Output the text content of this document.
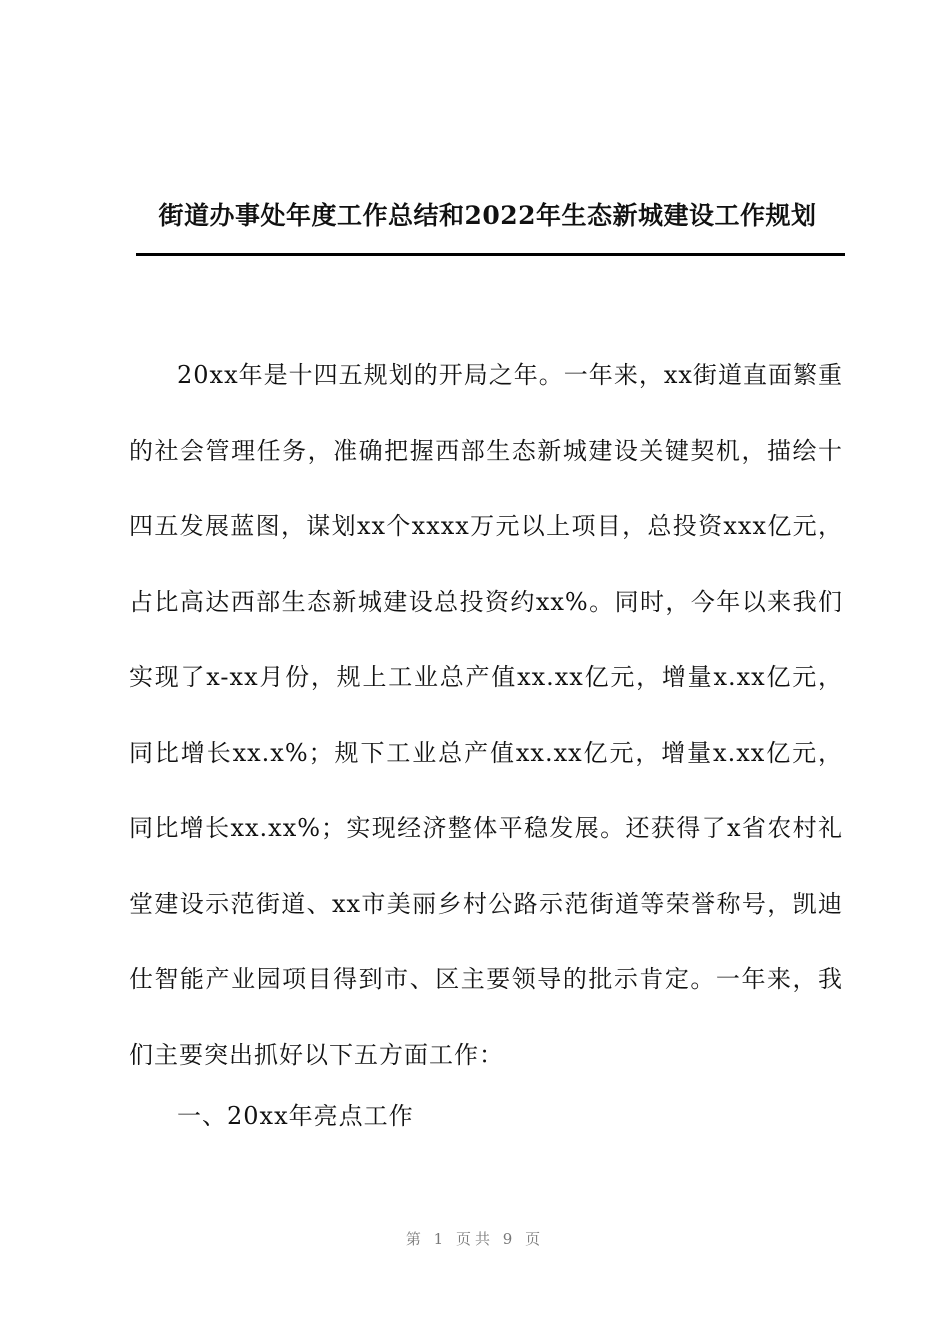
街道办事处年度工作总结和2022年生态新城建设工作规划

20xx年是十四五规划的开局之年。一年来，xx街道直面繁重的社会管理任务，准确把握西部生态新城建设关键契机，描绘十四五发展蓝图，谋划xx个xxxx万元以上项目，总投资xxx亿元，占比高达西部生态新城建设总投资约xx%。同时，今年以来我们实现了x-xx月份，规上工业总产值xx.xx亿元，增量x.xx亿元，同比增长xx.x%；规下工业总产值xx.xx亿元，增量x.xx亿元，同比增长xx.xx%；实现经济整体平稳发展。还获得了x省农村礼堂建设示范街道、xx市美丽乡村公路示范街道等荣誉称号，凯迪仕智能产业园项目得到市、区主要领导的批示肯定。一年来，我们主要突出抓好以下五方面工作：

一、20xx年亮点工作
第 1 页共 9 页
